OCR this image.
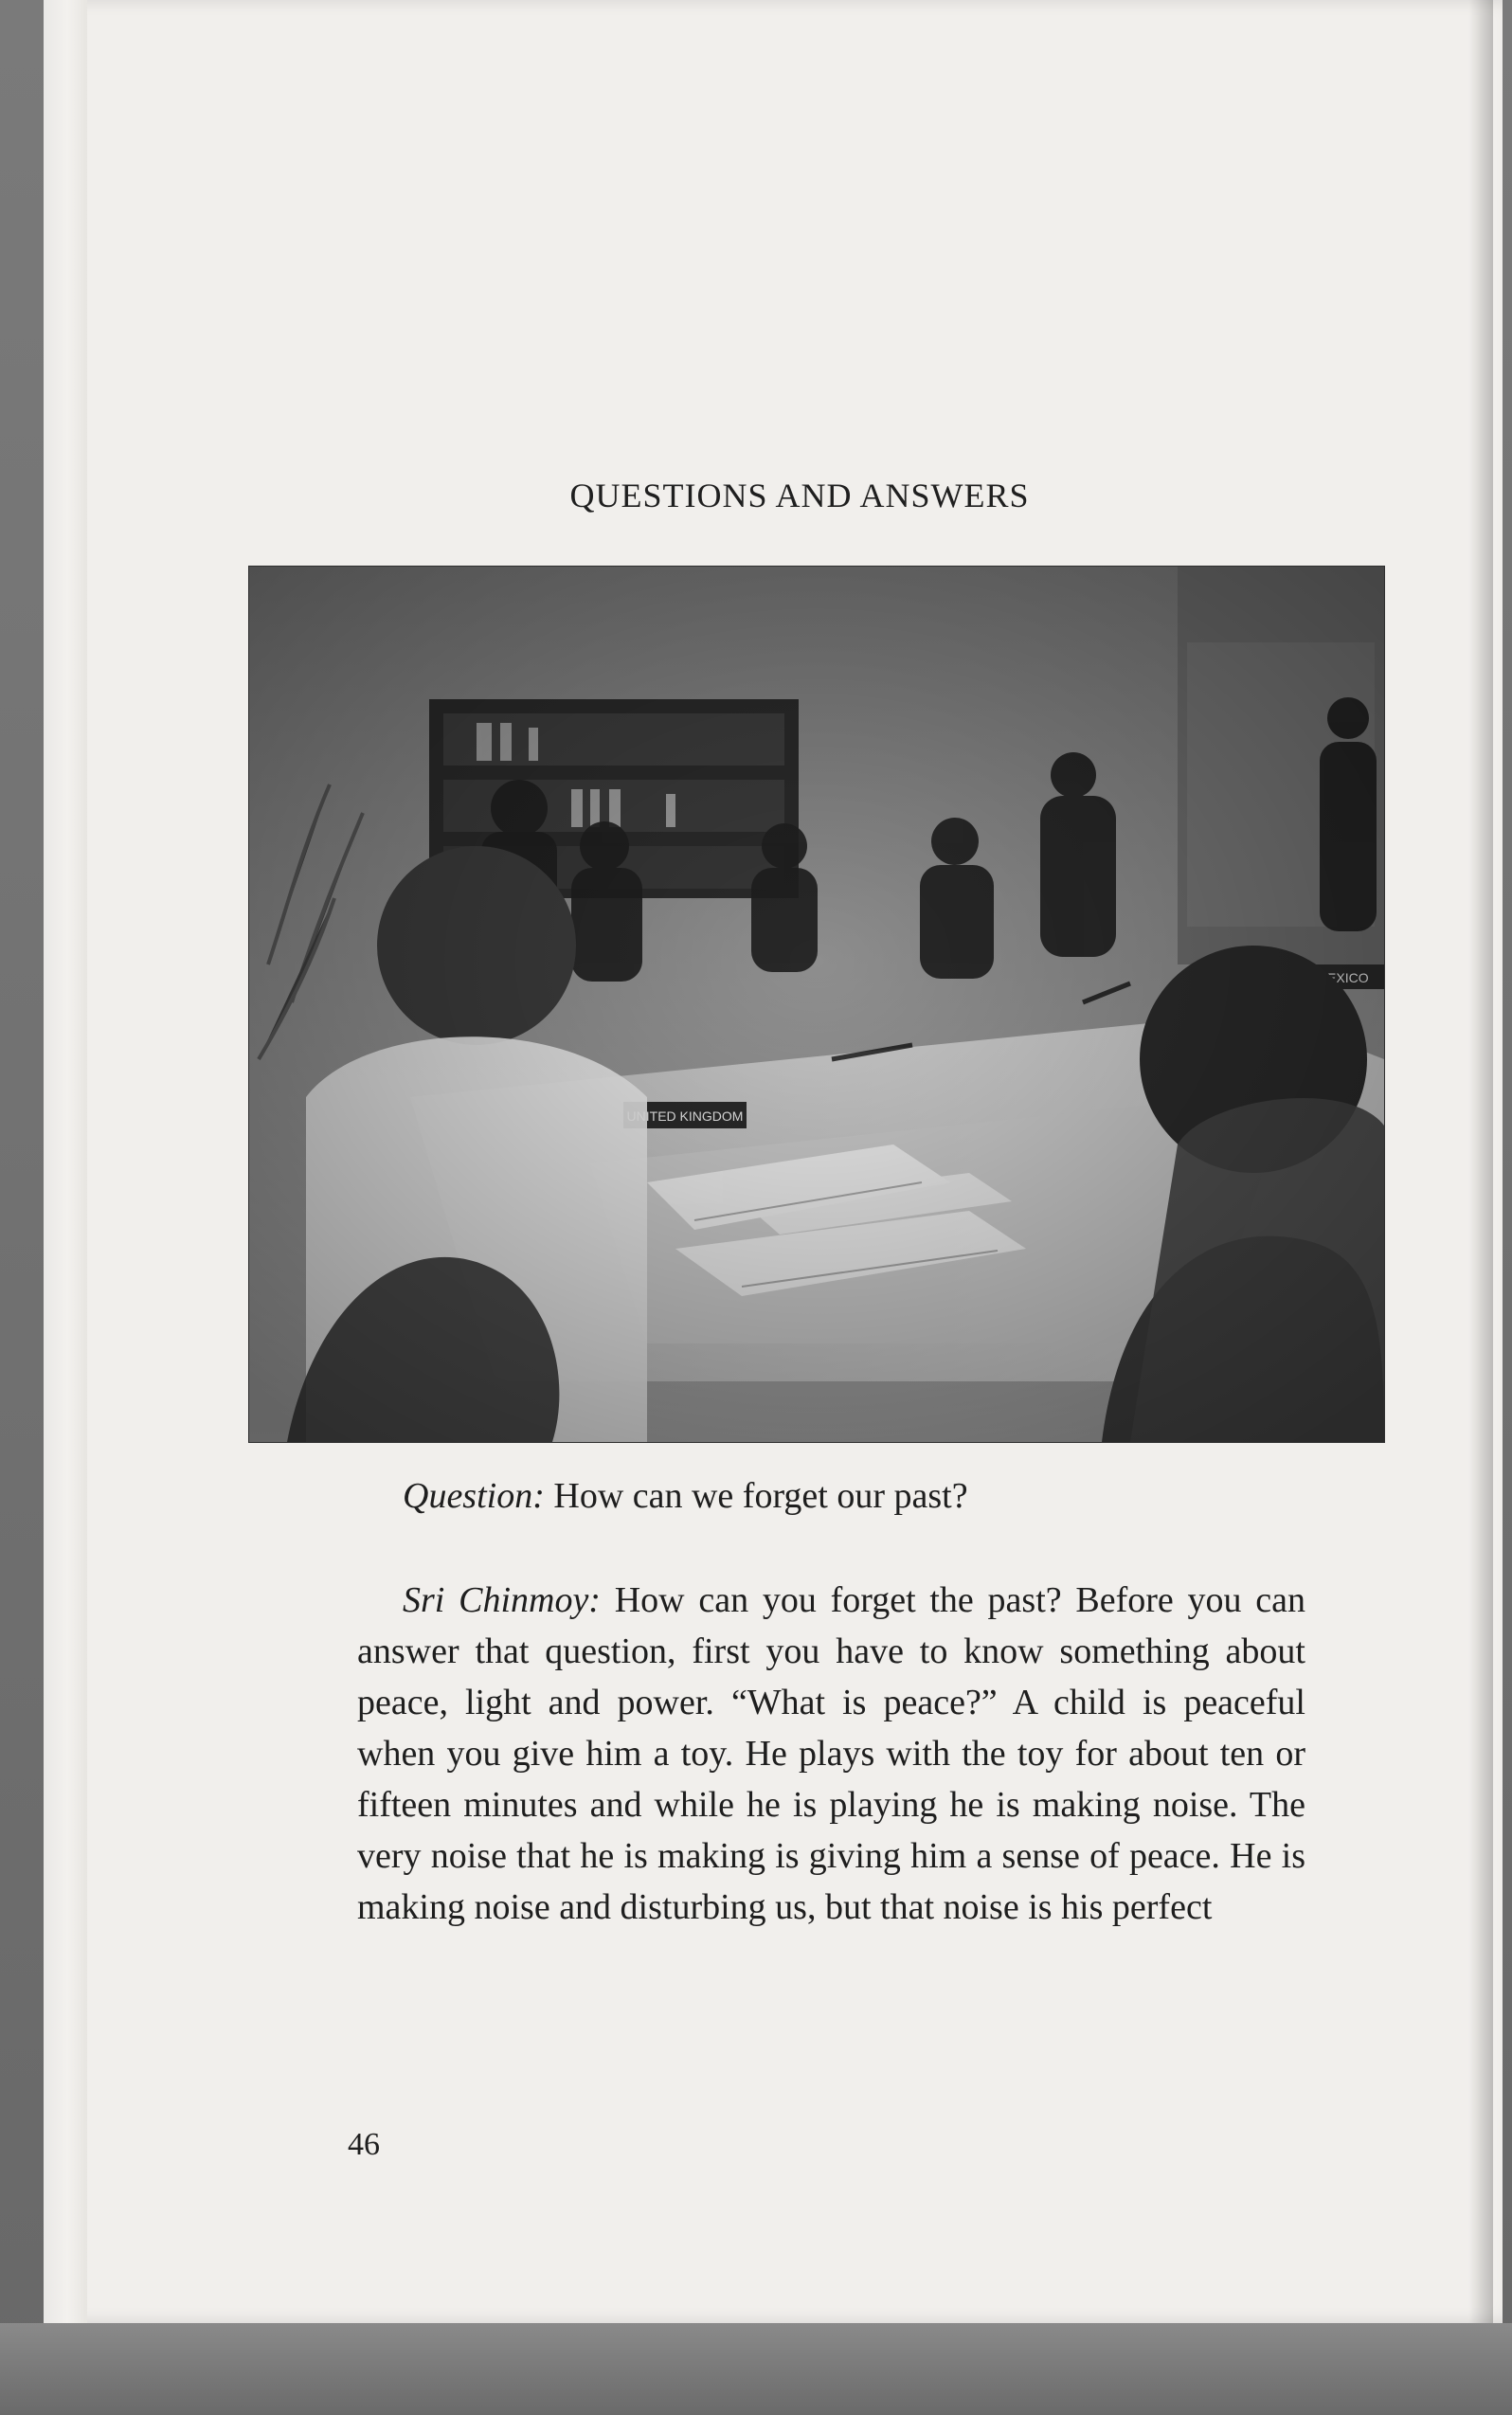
QUESTIONS AND ANSWERS
Question: How can we forget our past?
Sri Chinmoy: How can you forget the past? Before you can answer that question, first you have to know something about peace, light and power. “What is peace?” A child is peaceful when you give him a toy. He plays with the toy for about ten or fifteen minutes and while he is playing he is making noise. The very noise that he is making is giving him a sense of peace. He is making noise and disturbing us, but that noise is his perfect
46
